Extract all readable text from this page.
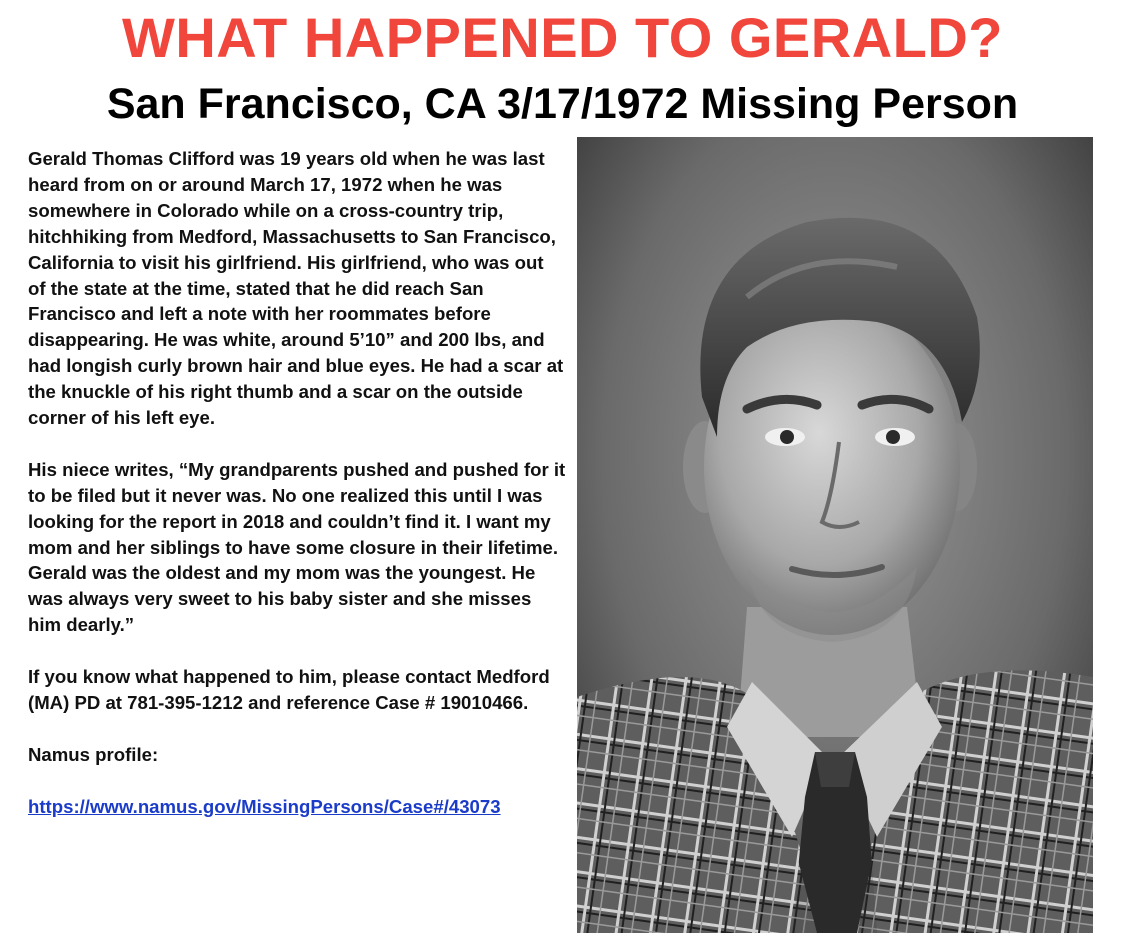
WHAT HAPPENED TO GERALD?
San Francisco, CA 3/17/1972 Missing Person

Gerald Thomas Clifford was 19 years old when he was last heard from on or around March 17, 1972 when he was somewhere in Colorado while on a cross-country trip, hitchhiking from Medford, Massachusetts to San Francisco, California to visit his girlfriend. His girlfriend, who was out of the state at the time, stated that he did reach San Francisco and left a note with her roommates before disappearing. He was white, around 5’10” and 200 lbs, and had longish curly brown hair and blue eyes. He had a scar at the knuckle of his right thumb and a scar on the outside corner of his left eye.

His niece writes, “My grandparents pushed and pushed for it to be filed but it never was. No one realized this until I was looking for the report in 2018 and couldn’t find it. I want my mom and her siblings to have some closure in their lifetime. Gerald was the oldest and my mom was the youngest. He was always very sweet to his baby sister and she misses him dearly.”

If you know what happened to him, please contact Medford (MA) PD at 781-395-1212 and reference Case # 19010466.

Namus profile:

https://www.namus.gov/MissingPersons/Case#/43073
